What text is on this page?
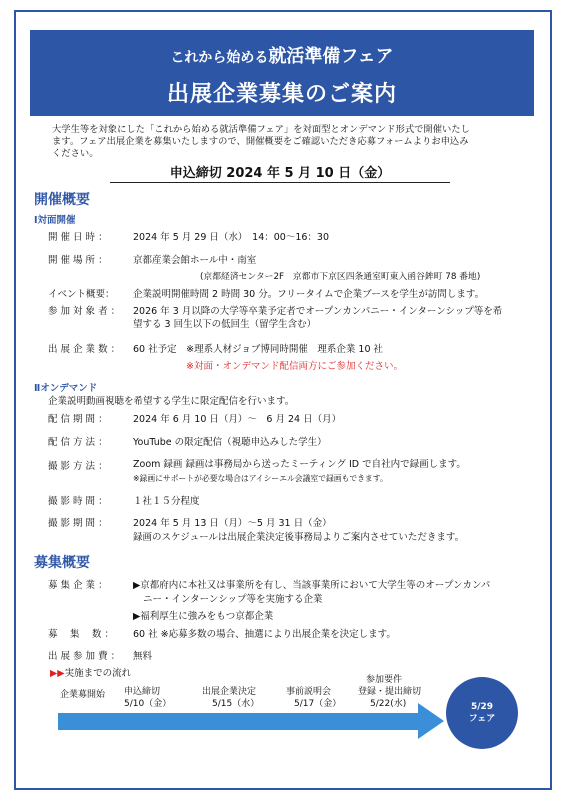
これから始める就活準備フェア
出展企業募集のご案内
大学生等を対象にした「これから始める就活準備フェア」を対面型とオンデマンド形式で開催いたし
ます。フェア出展企業を募集いたしますので、開催概要をご確認いただき応募フォームよりお申込み
ください。
申込締切 2024 年 5 月 10 日（金）
開催概要
Ⅰ対面開催
開 催 日 時 ：	2024 年 5 月 29 日（水）　14：00～16：30
開 催 場 所 ：	京都産業会館ホール中・南室
(京都経済センター2F　京都市下京区四条通室町東入函谷鉾町 78 番地)
イベント概要：	企業説明開催時間 2 時間 30 分。フリータイムで企業ブースを学生が訪問します。
参 加 対 象 者 ：	2026 年 3 月以降の大学等卒業予定者でオープンカンパニー・インターンシップ等を希
望する 3 回生以下の低回生（留学生含む）
出 展 企 業 数 ：	60 社予定　※理系人材ジョブ博同時開催　理系企業 10 社
※対面・オンデマンド配信両方にご参加ください。
Ⅱオンデマンド
企業説明動画視聴を希望する学生に限定配信を行います。
配 信 期 間 ：	2024 年 6 月 10 日（月）～　6 月 24 日（月）
配 信 方 法 ：	YouTube の限定配信（視聴申込みした学生）
撮 影 方 法 ：	Zoom 録画 録画は事務局から送ったミーティング ID で自社内で録画します。
※録画にサポートが必要な場合はアイシーエル会議室で録画もできます。
撮 影 時 間 ：	１社１５分程度
撮 影 期 間 ：	2024 年 5 月 13 日（月）～5 月 31 日（金）
録画のスケジュールは出展企業決定後事務局よりご案内させていただきます。
募集概要
募 集 企 業 ：	▶京都府内に本社又は事業所を有し、当該事業所において大学生等のオープンカンパ
ニー・インターンシップ等を実施する企業
▶福利厚生に強みをもつ京都企業
募 　集 　数 ：	60 社 ※応募多数の場合、抽選により出展企業を決定します。
出 展 参 加 費 ：	無料
▶▶実施までの流れ
企業募開始 申込締切
5/10（金）
出展企業決定
5/15（水）
事前説明会
5/17（金）
参加要件
登録・提出締切
5/22(水)	5/29
フェア
